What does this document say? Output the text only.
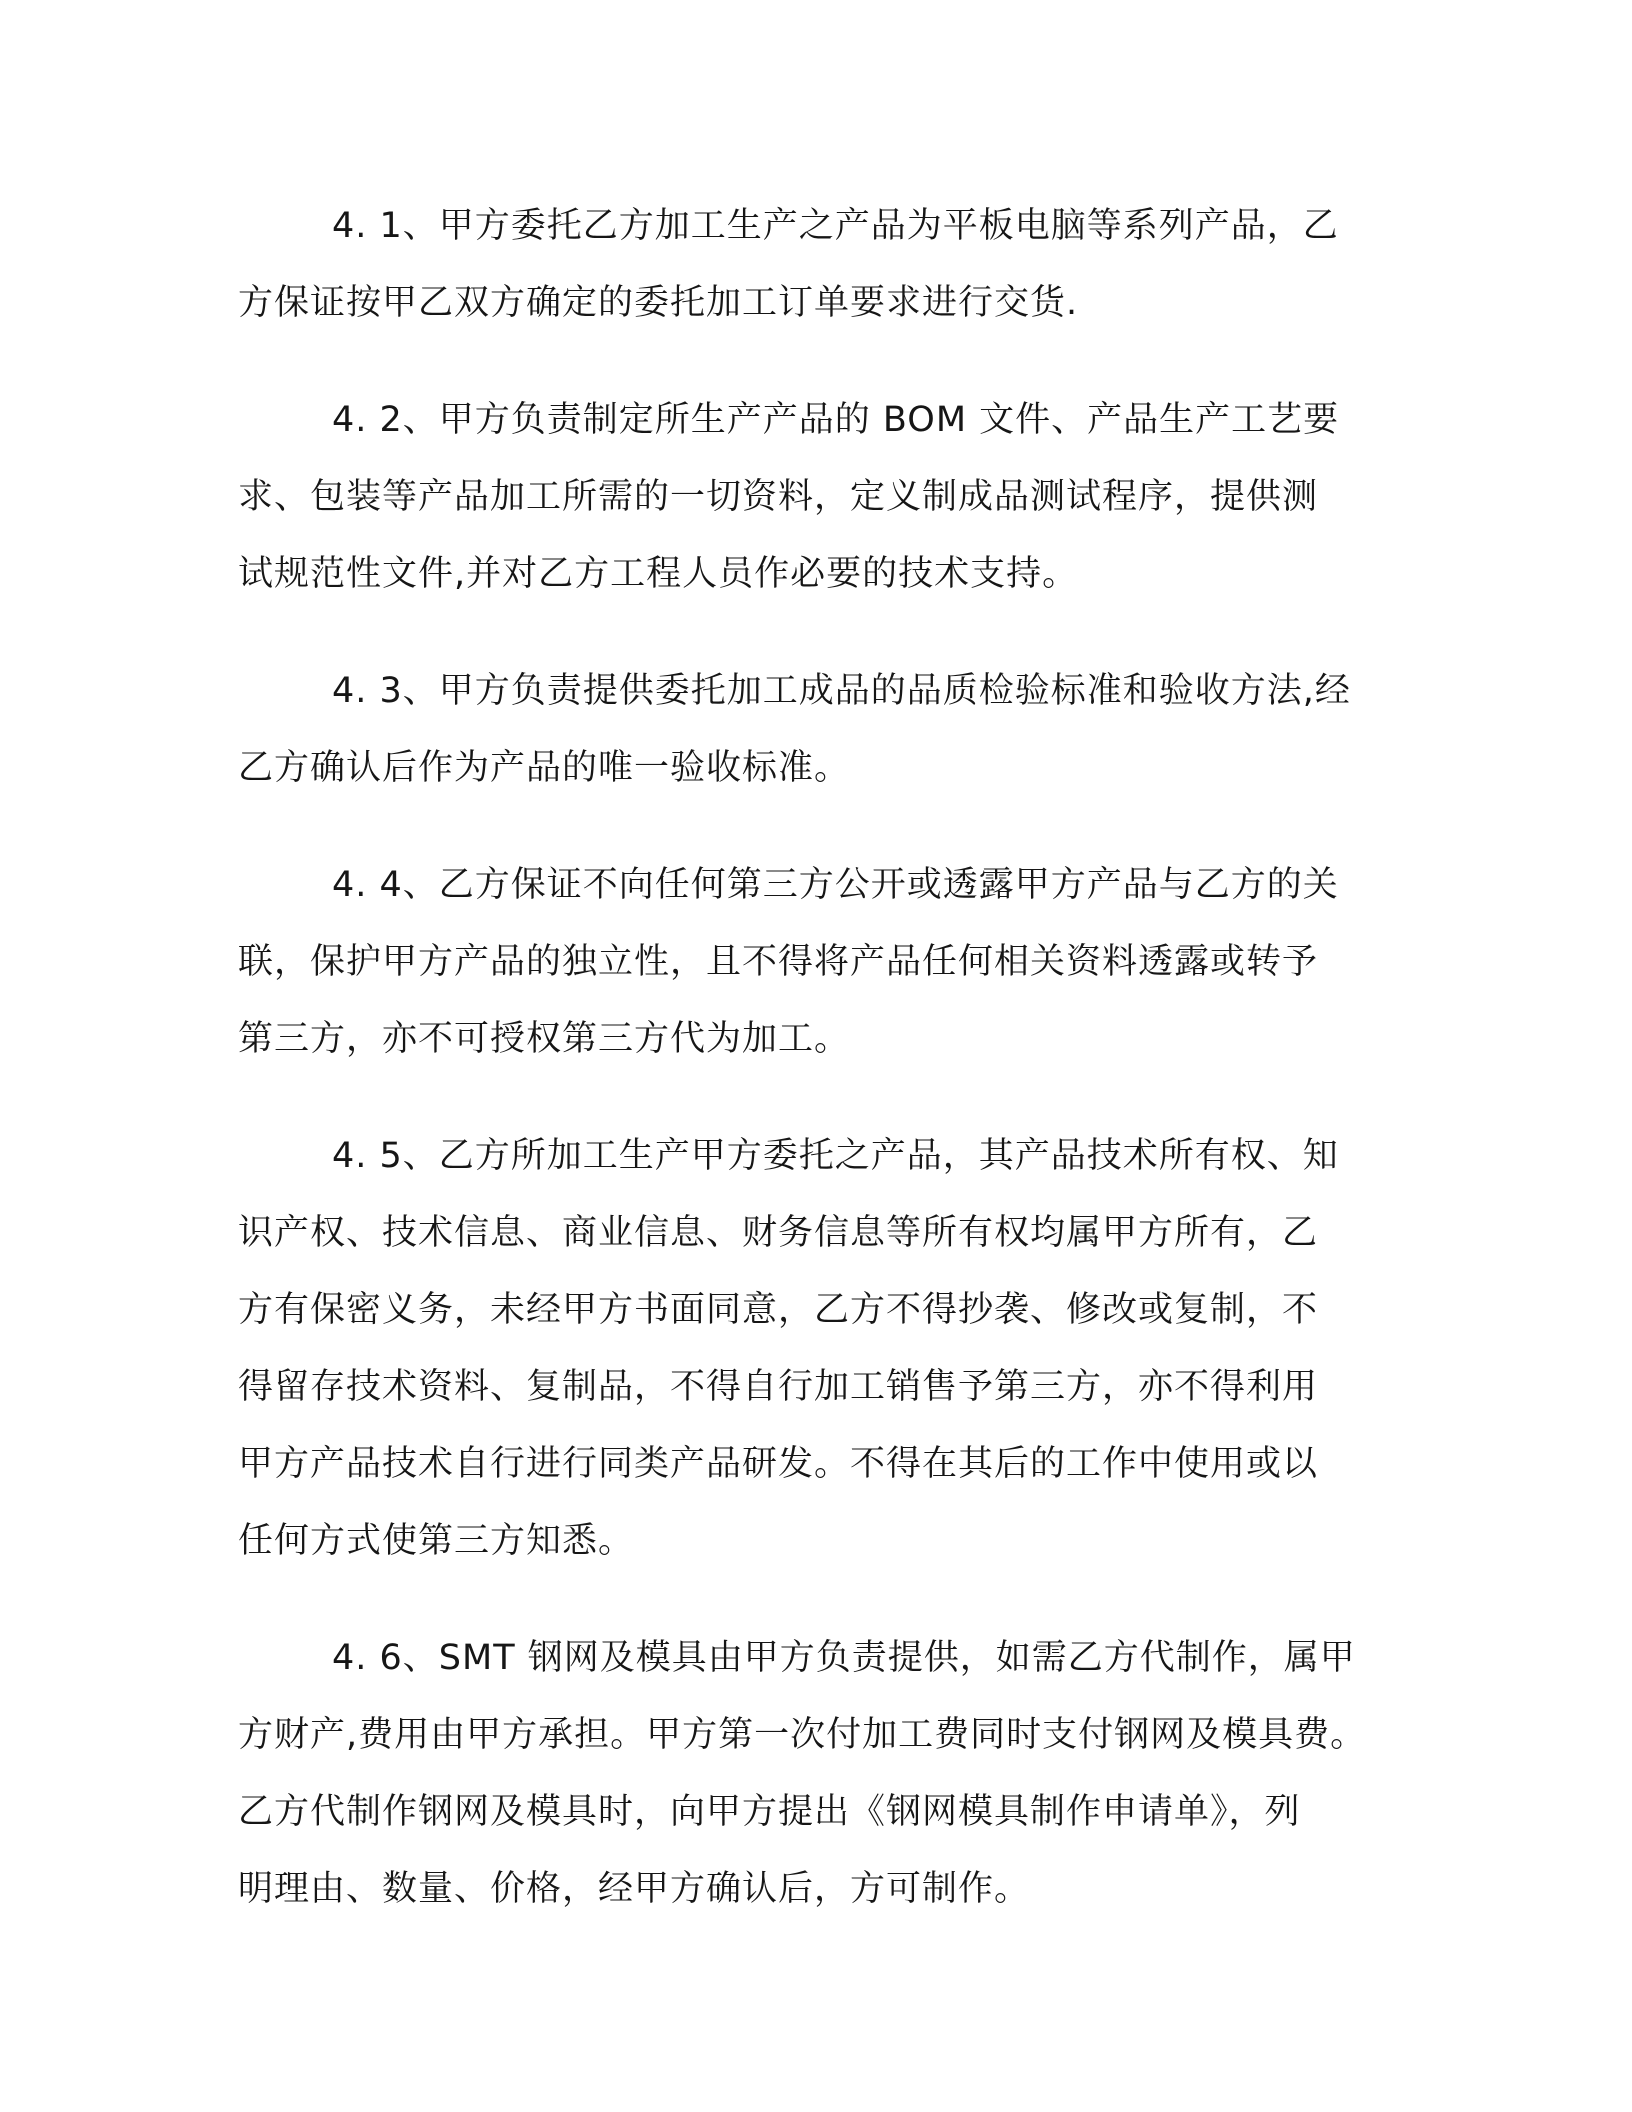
4. 1、甲方委托乙方加工生产之产品为平板电脑等系列产品，乙
方保证按甲乙双方确定的委托加工订单要求进行交货.
4. 2、甲方负责制定所生产产品的 BOM 文件、产品生产工艺要
求、包装等产品加工所需的一切资料，定义制成品测试程序，提供测
试规范性文件,并对乙方工程人员作必要的技术支持。
4. 3、甲方负责提供委托加工成品的品质检验标准和验收方法,经
乙方确认后作为产品的唯一验收标准。
4. 4、乙方保证不向任何第三方公开或透露甲方产品与乙方的关
联，保护甲方产品的独立性，且不得将产品任何相关资料透露或转予
第三方，亦不可授权第三方代为加工。
4. 5、乙方所加工生产甲方委托之产品，其产品技术所有权、知
识产权、技术信息、商业信息、财务信息等所有权均属甲方所有，乙
方有保密义务，未经甲方书面同意，乙方不得抄袭、修改或复制，不
得留存技术资料、复制品，不得自行加工销售予第三方，亦不得利用
甲方产品技术自行进行同类产品研发。不得在其后的工作中使用或以
任何方式使第三方知悉。
4. 6、SMT 钢网及模具由甲方负责提供，如需乙方代制作，属甲
方财产,费用由甲方承担。甲方第一次付加工费同时支付钢网及模具费。
乙方代制作钢网及模具时，向甲方提出《钢网模具制作申请单》，列
明理由、数量、价格，经甲方确认后，方可制作。
